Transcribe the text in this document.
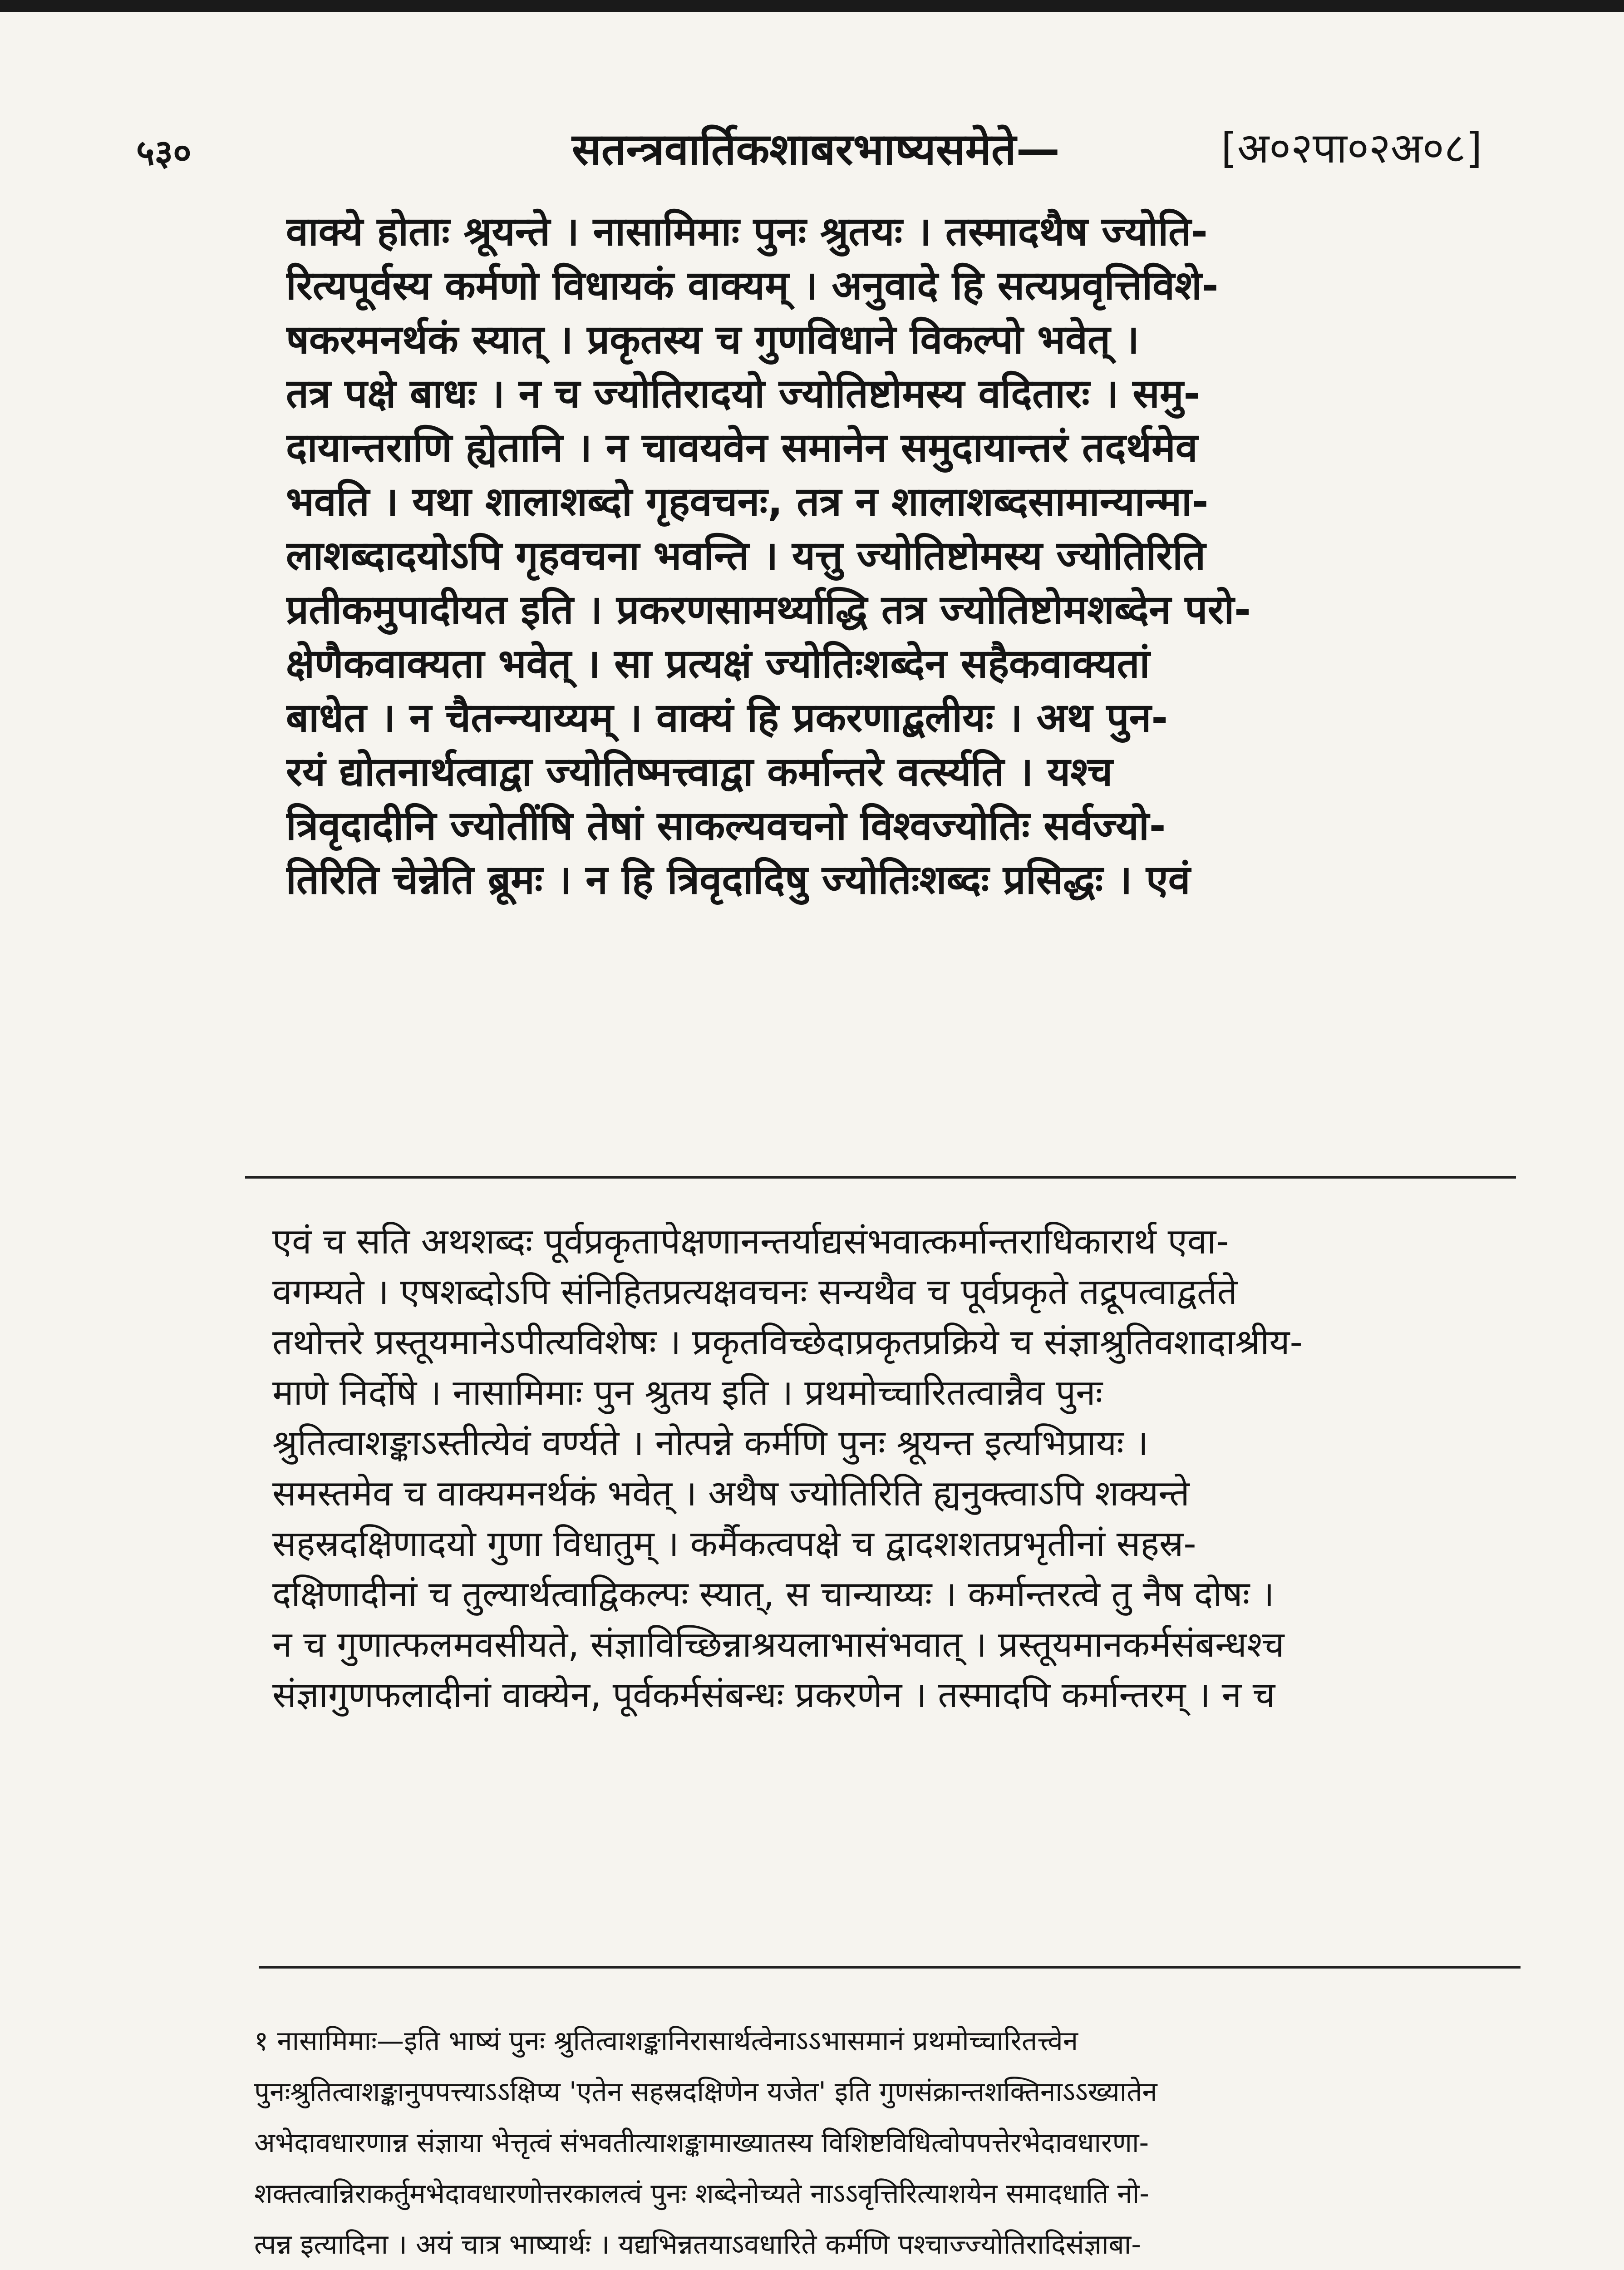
५३०	सतन्त्रवार्तिकशाबरभाष्यसमेते—	[अ०२पा०२अ०८]
वाक्ये होताः श्रूयन्ते । नासामिमाः पुनः श्रुतयः । तस्मादथैष ज्योति-
रित्यपूर्वस्य कर्मणो विधायकं वाक्यम् । अनुवादे हि सत्यप्रवृत्तिविशे-
षकरमनर्थकं स्यात् । प्रकृतस्य च गुणविधाने विकल्पो भवेत् ।
तत्र पक्षे बाधः । न च ज्योतिरादयो ज्योतिष्टोमस्य वदितारः । समु-
दायान्तराणि ह्येतानि । न चावयवेन समानेन समुदायान्तरं तदर्थमेव
भवति । यथा शालाशब्दो गृहवचनः, तत्र न शालाशब्दसामान्यान्मा-
लाशब्दादयोऽपि गृहवचना भवन्ति । यत्तु ज्योतिष्टोमस्य ज्योतिरिति
प्रतीकमुपादीयत इति । प्रकरणसामर्थ्याद्धि तत्र ज्योतिष्टोमशब्देन परो-
क्षेणैकवाक्यता भवेत् । सा प्रत्यक्षं ज्योतिःशब्देन सहैकवाक्यतां
बाधेत । न चैतन्न्याय्यम् । वाक्यं हि प्रकरणाद्बलीयः । अथ पुन-
रयं द्योतनार्थत्वाद्वा ज्योतिष्मत्त्वाद्वा कर्मान्तरे वर्त्स्यति । यश्च
त्रिवृदादीनि ज्योतींषि तेषां साकल्यवचनो विश्वज्योतिः सर्वज्यो-
तिरिति चेन्नेति ब्रूमः । न हि त्रिवृदादिषु ज्योतिःशब्दः प्रसिद्धः । एवं
एवं च सति अथशब्दः पूर्वप्रकृतापेक्षणानन्तर्याद्यसंभवात्कर्मान्तराधिकारार्थ एवा-
वगम्यते । एषशब्दोऽपि संनिहितप्रत्यक्षवचनः सन्यथैव च पूर्वप्रकृते तद्रूपत्वाद्वर्तते
तथोत्तरे प्रस्तूयमानेऽपीत्यविशेषः । प्रकृतविच्छेदाप्रकृतप्रक्रिये च संज्ञाश्रुतिवशादाश्रीय-
माणे निर्दोषे । नासामिमाः पुन श्रुतय इति । प्रथमोच्चारितत्वान्नैव पुनः
श्रुतित्वाशङ्काऽस्तीत्येवं वर्ण्यते । नोत्पन्ने कर्मणि पुनः श्रूयन्त इत्यभिप्रायः ।
समस्तमेव च वाक्यमनर्थकं भवेत् । अथैष ज्योतिरिति ह्यनुक्त्वाऽपि शक्यन्ते
सहस्रदक्षिणादयो गुणा विधातुम् । कर्मैकत्वपक्षे च द्वादशशतप्रभृतीनां सहस्र-
दक्षिणादीनां च तुल्यार्थत्वाद्विकल्पः स्यात्, स चान्याय्यः । कर्मान्तरत्वे तु नैष दोषः ।
न च गुणात्फलमवसीयते, संज्ञाविच्छिन्नाश्रयलाभासंभवात् । प्रस्तूयमानकर्मसंबन्धश्च
संज्ञागुणफलादीनां वाक्येन, पूर्वकर्मसंबन्धः प्रकरणेन । तस्मादपि कर्मान्तरम् । न च
१ नासामिमाः—इति भाष्यं पुनः श्रुतित्वाशङ्कानिरासार्थत्वेनाऽऽभासमानं प्रथमोच्चारितत्त्वेन
पुनःश्रुतित्वाशङ्कानुपपत्त्याऽऽक्षिप्य 'एतेन सहस्रदक्षिणेन यजेत' इति गुणसंक्रान्तशक्तिनाऽऽख्यातेन
अभेदावधारणान्न संज्ञाया भेत्तृत्वं संभवतीत्याशङ्कामाख्यातस्य विशिष्टविधित्वोपपत्तेरभेदावधारणा-
शक्तत्वान्निराकर्तुमभेदावधारणोत्तरकालत्वं पुनः शब्देनोच्यते नाऽऽवृत्तिरित्याशयेन समादधाति नो-
त्पन्न इत्यादिना । अयं चात्र भाष्यार्थः । यद्यभिन्नतयाऽवधारिते कर्मणि पश्चाज्ज्योतिरादिसंज्ञाबा-
